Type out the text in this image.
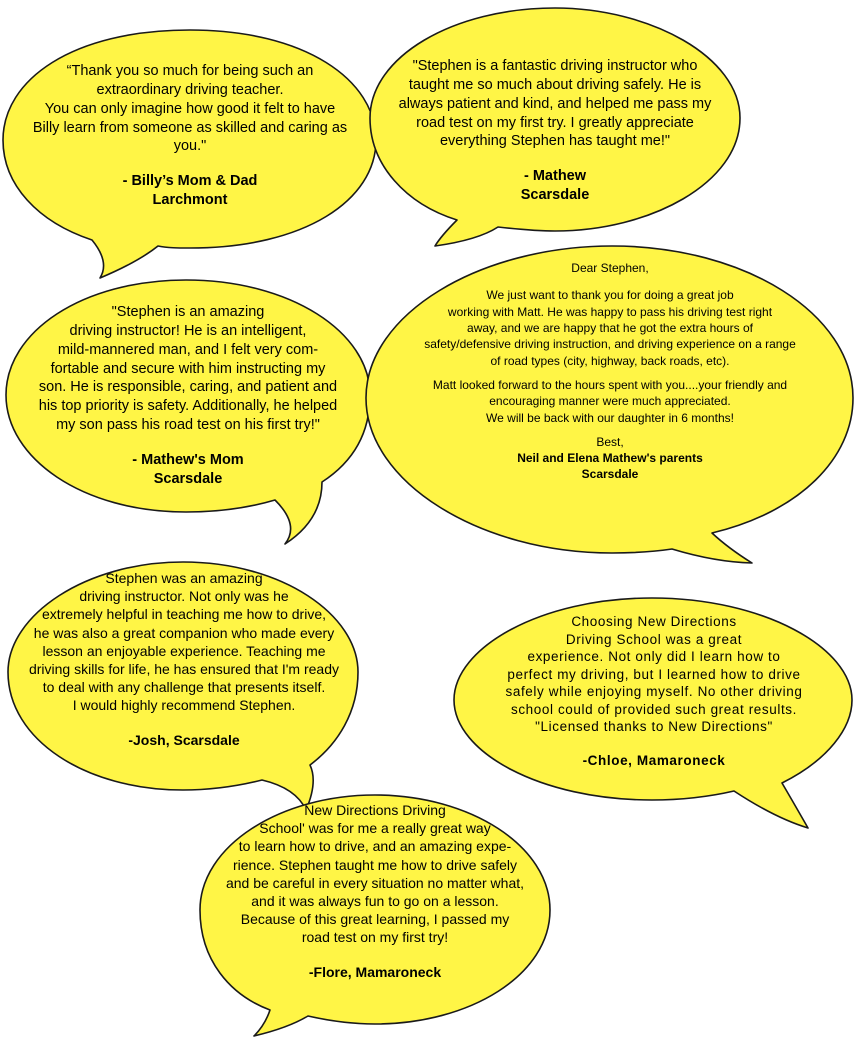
“Thank you so much for being such an

extraordinary driving teacher.

You can only imagine how good it felt to have

Billy learn from someone as skilled and caring as

you."

- Billy’s Mom & Dad
Larchmont

"Stephen is a fantastic driving instructor who

taught me so much about driving safely. He is

always patient and kind, and helped me pass my

road test on my first try. I greatly appreciate

everything Stephen has taught me!"

- Mathew
Scarsdale

"Stephen is an amazing

driving instructor! He is an intelligent,

mild-mannered man, and I felt very com-

fortable and secure with him instructing my

son. He is responsible, caring, and patient and

his top priority is safety. Additionally, he helped

my son pass his road test on his first try!"

- Mathew's Mom
Scarsdale

Dear Stephen,

We just want to thank you for doing a great job

working with Matt. He was happy to pass his driving test right

away, and we are happy that he got the extra hours of

safety/defensive driving instruction, and driving experience on a range

of road types (city, highway, back roads, etc).

Matt looked forward to the hours spent with you....your friendly and

encouraging manner were much appreciated.

We will be back with our daughter in 6 months!

Best,

Neil and Elena Mathew's parents
Scarsdale

Stephen was an amazing

driving instructor. Not only was he

extremely helpful in teaching me how to drive,

he was also a great companion who made every

lesson an enjoyable experience. Teaching me

driving skills for life, he has ensured that I'm ready

to deal with any challenge that presents itself.

I would highly recommend Stephen.

-Josh, Scarsdale

Choosing New Directions

Driving School was a great

experience. Not only did I learn how to

perfect my driving, but I learned how to drive

safely while enjoying myself. No other driving

school could of provided such great results.

"Licensed thanks to New Directions"

-Chloe, Mamaroneck

New Directions Driving

School' was for me a really great way

to learn how to drive, and an amazing expe-

rience. Stephen taught me how to drive safely

and be careful in every situation no matter what,

and it was always fun to go on a lesson.

Because of this great learning, I passed my

road test on my first try!

-Flore, Mamaroneck
